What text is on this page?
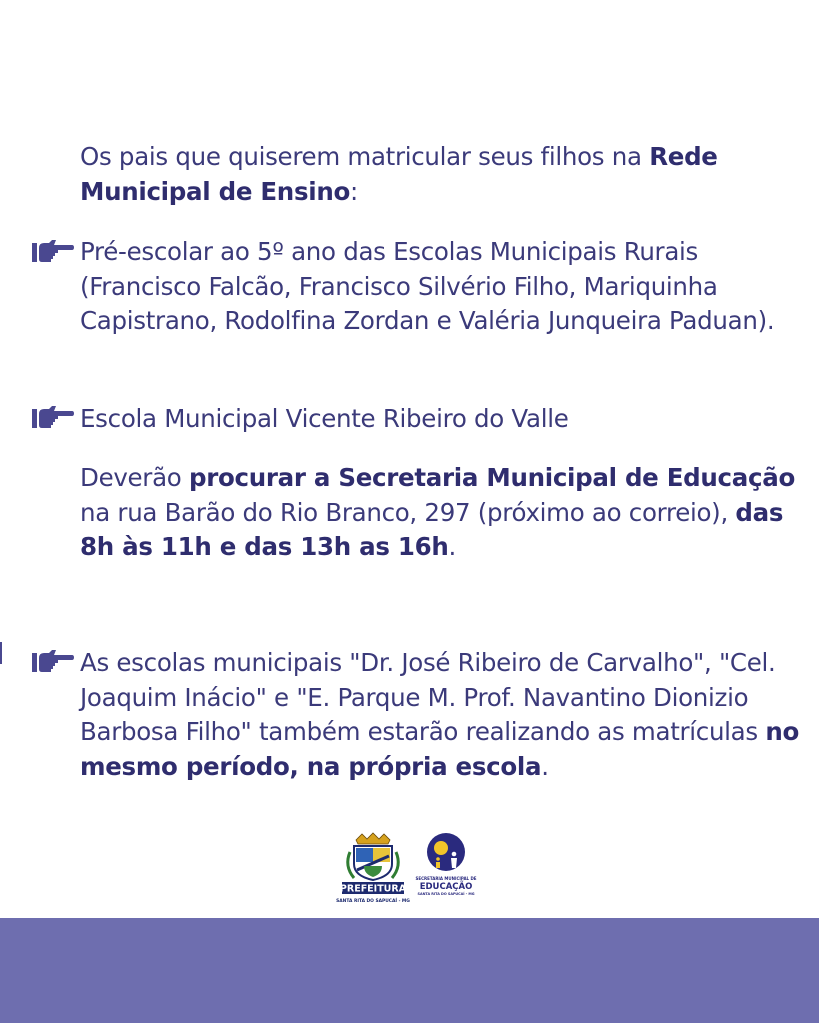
Os pais que quiserem matricular seus filhos na Rede Municipal de Ensino:
Pré-escolar ao 5º ano das Escolas Municipais Rurais (Francisco Falcão, Francisco Silvério Filho, Mariquinha Capistrano, Rodolfina Zordan e Valéria Junqueira Paduan).
Escola Municipal Vicente Ribeiro do Valle
Deverão procurar a Secretaria Municipal de Educação na rua Barão do Rio Branco, 297 (próximo ao correio), das 8h às 11h e das 13h as 16h.
As escolas municipais "Dr. José Ribeiro de Carvalho", "Cel. Joaquim Inácio" e "E. Parque M. Prof. Navantino Dionizio Barbosa Filho" também estarão realizando as matrículas no mesmo período, na própria escola.
PREFEITURA
SANTA RITA DO SAPUCAÍ - MG
SECRETARIA MUNICIPAL DE
EDUCAÇÃO
SANTA RITA DO SAPUCAÍ - MG
